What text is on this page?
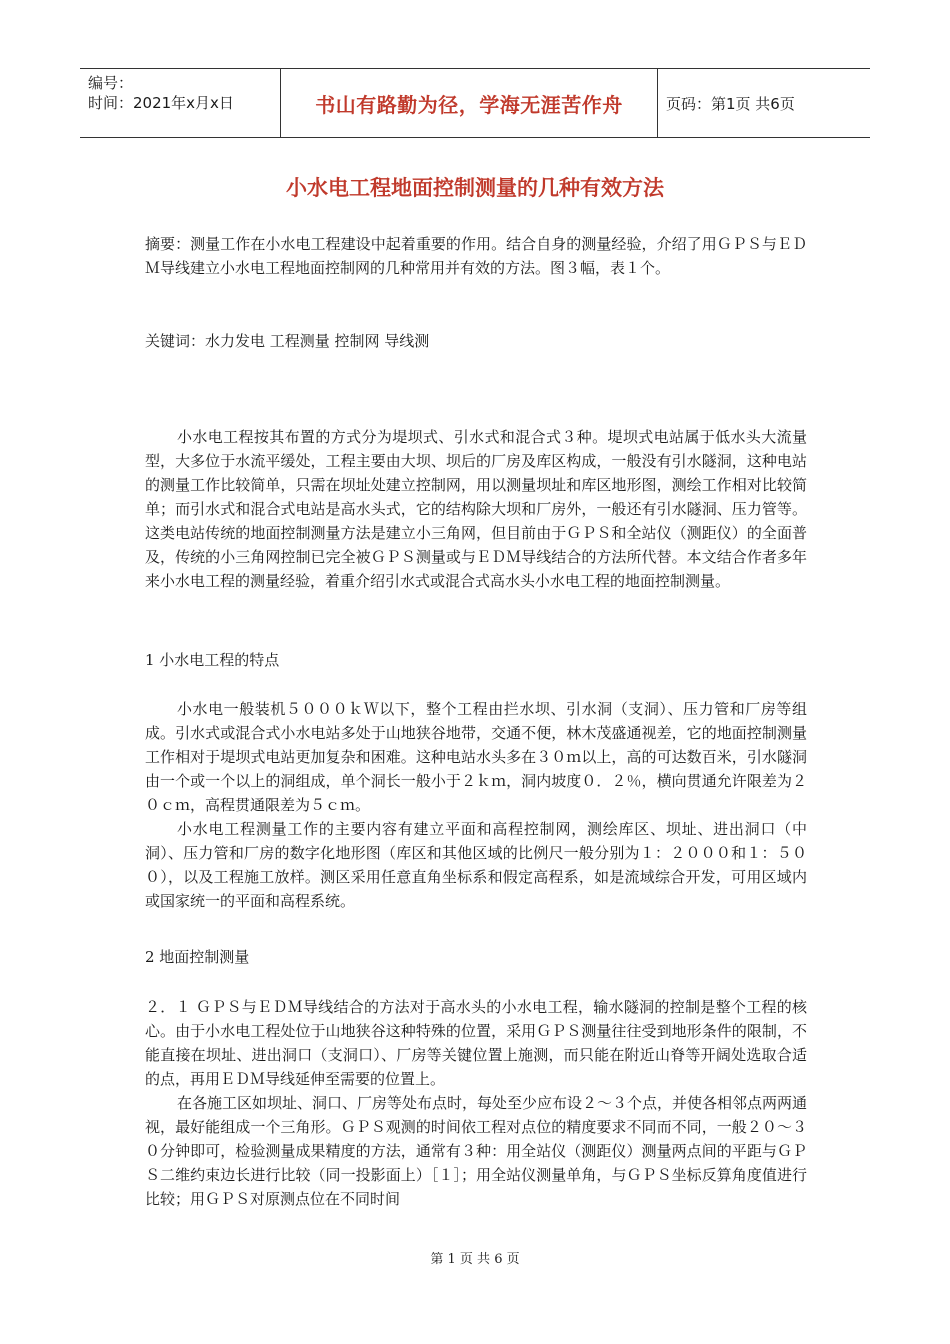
编号：
时间：2021年x月x日	书山有路勤为径，学海无涯苦作舟	页码：第1页 共6页
小水电工程地面控制测量的几种有效方法

摘要：测量工作在小水电工程建设中起着重要的作用。结合自身的测量经验，介绍了用ＧＰＳ与ＥＤＭ导线建立小水电工程地面控制网的几种常用并有效的方法。图３幅，表１个。

关键词：水力发电 工程测量 控制网 导线测

小水电工程按其布置的方式分为堤坝式、引水式和混合式３种。堤坝式电站属于低水头大流量型，大多位于水流平缓处，工程主要由大坝、坝后的厂房及库区构成，一般没有引水隧洞，这种电站的测量工作比较简单，只需在坝址处建立控制网，用以测量坝址和库区地形图，测绘工作相对比较简单；而引水式和混合式电站是高水头式，它的结构除大坝和厂房外，一般还有引水隧洞、压力管等。这类电站传统的地面控制测量方法是建立小三角网，但目前由于ＧＰＳ和全站仪（测距仪）的全面普及，传统的小三角网控制已完全被ＧＰＳ测量或与ＥＤＭ导线结合的方法所代替。本文结合作者多年来小水电工程的测量经验，着重介绍引水式或混合式高水头小水电工程的地面控制测量。

1 小水电工程的特点

小水电一般装机５０００ｋＷ以下，整个工程由拦水坝、引水洞（支洞）、压力管和厂房等组成。引水式或混合式小水电站多处于山地狭谷地带，交通不便，林木茂盛通视差，它的地面控制测量工作相对于堤坝式电站更加复杂和困难。这种电站水头多在３０ｍ以上，高的可达数百米，引水隧洞由一个或一个以上的洞组成，单个洞长一般小于２ｋｍ，洞内坡度０．２％，横向贯通允许限差为２０ｃｍ，高程贯通限差为５ｃｍ。

小水电工程测量工作的主要内容有建立平面和高程控制网，测绘库区、坝址、进出洞口（中洞）、压力管和厂房的数字化地形图（库区和其他区域的比例尺一般分别为１：２０００和１：５００），以及工程施工放样。测区采用任意直角坐标系和假定高程系，如是流域综合开发，可用区域内或国家统一的平面和高程系统。

2 地面控制测量

２．１ ＧＰＳ与ＥＤＭ导线结合的方法对于高水头的小水电工程，输水隧洞的控制是整个工程的核心。由于小水电工程处位于山地狭谷这种特殊的位置，采用ＧＰＳ测量往往受到地形条件的限制，不能直接在坝址、进出洞口（支洞口）、厂房等关键位置上施测，而只能在附近山脊等开阔处选取合适的点，再用ＥＤＭ导线延伸至需要的位置上。

在各施工区如坝址、洞口、厂房等处布点时，每处至少应布设２～３个点，并使各相邻点两两通视，最好能组成一个三角形。ＧＰＳ观测的时间依工程对点位的精度要求不同而不同，一般２０～３０分钟即可，检验测量成果精度的方法，通常有３种：用全站仪（测距仪）测量两点间的平距与ＧＰＳ二维约束边长进行比较（同一投影面上）［１］；用全站仪测量单角，与ＧＰＳ坐标反算角度值进行比较；用ＧＰＳ对原测点位在不同时间

第 1 页 共 6 页
